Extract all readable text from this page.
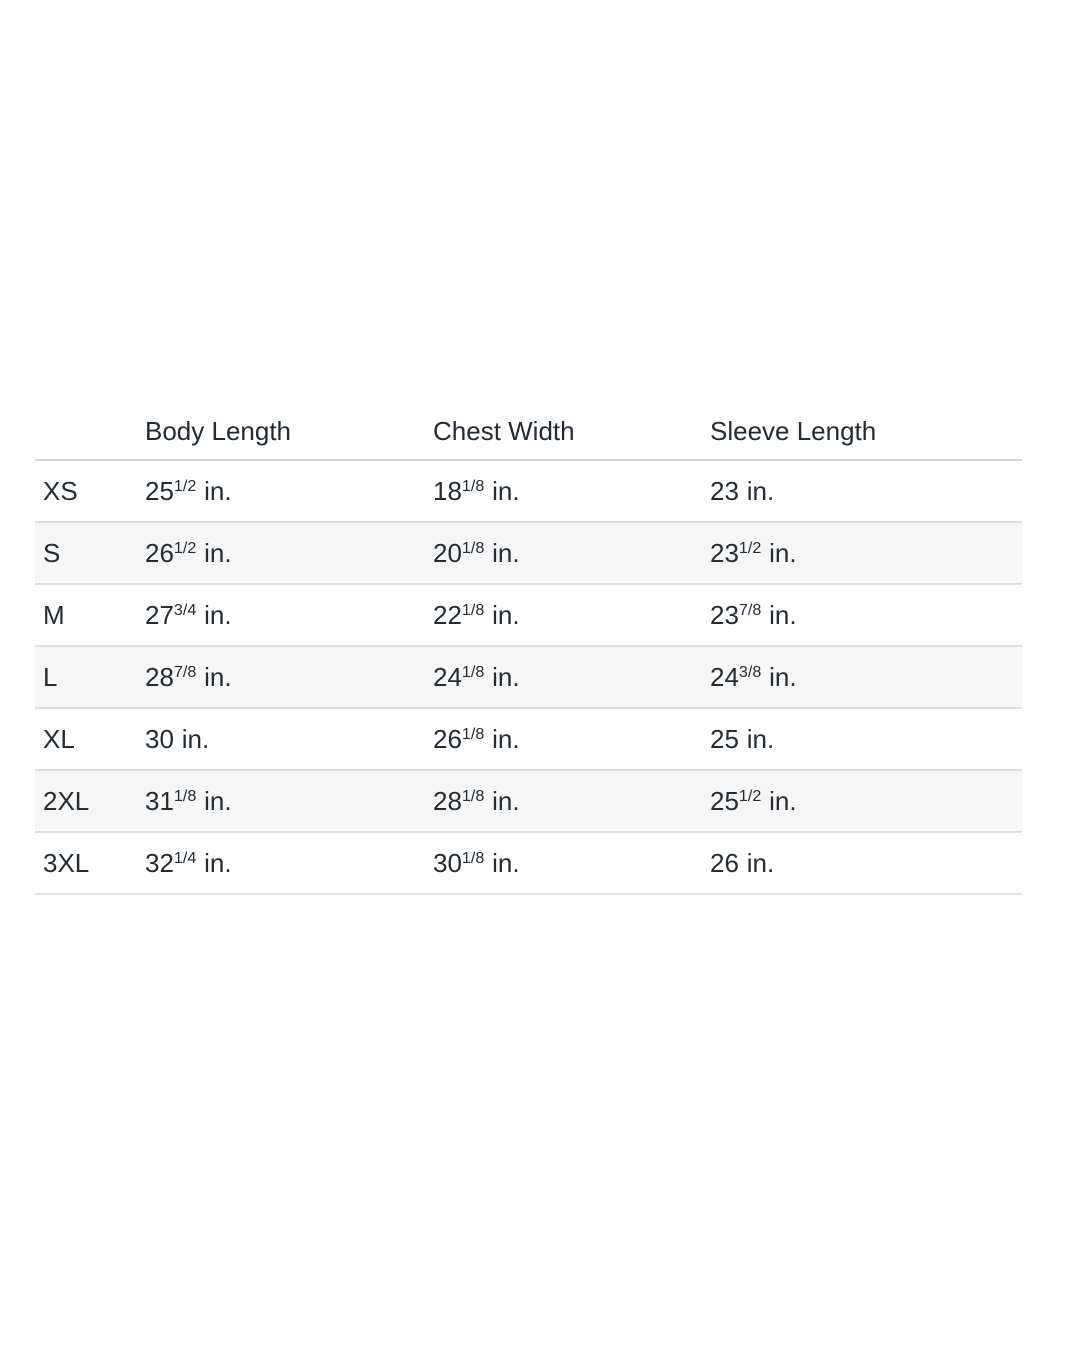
	Body Length	Chest Width	Sleeve Length
XS	$25^{1/2}$ in.	$18^{1/8}$ in.	23 in.
S	$26^{1/2}$ in.	$20^{1/8}$ in.	$23^{1/2}$ in.
M	$27^{3/4}$ in.	$22^{1/8}$ in.	$23^{7/8}$ in.
L	$28^{7/8}$ in.	$24^{1/8}$ in.	$24^{3/8}$ in.
XL	30 in.	$26^{1/8}$ in.	25 in.
2XL	$31^{1/8}$ in.	$28^{1/8}$ in.	$25^{1/2}$ in.
3XL	$32^{1/4}$ in.	$30^{1/8}$ in.	26 in.
